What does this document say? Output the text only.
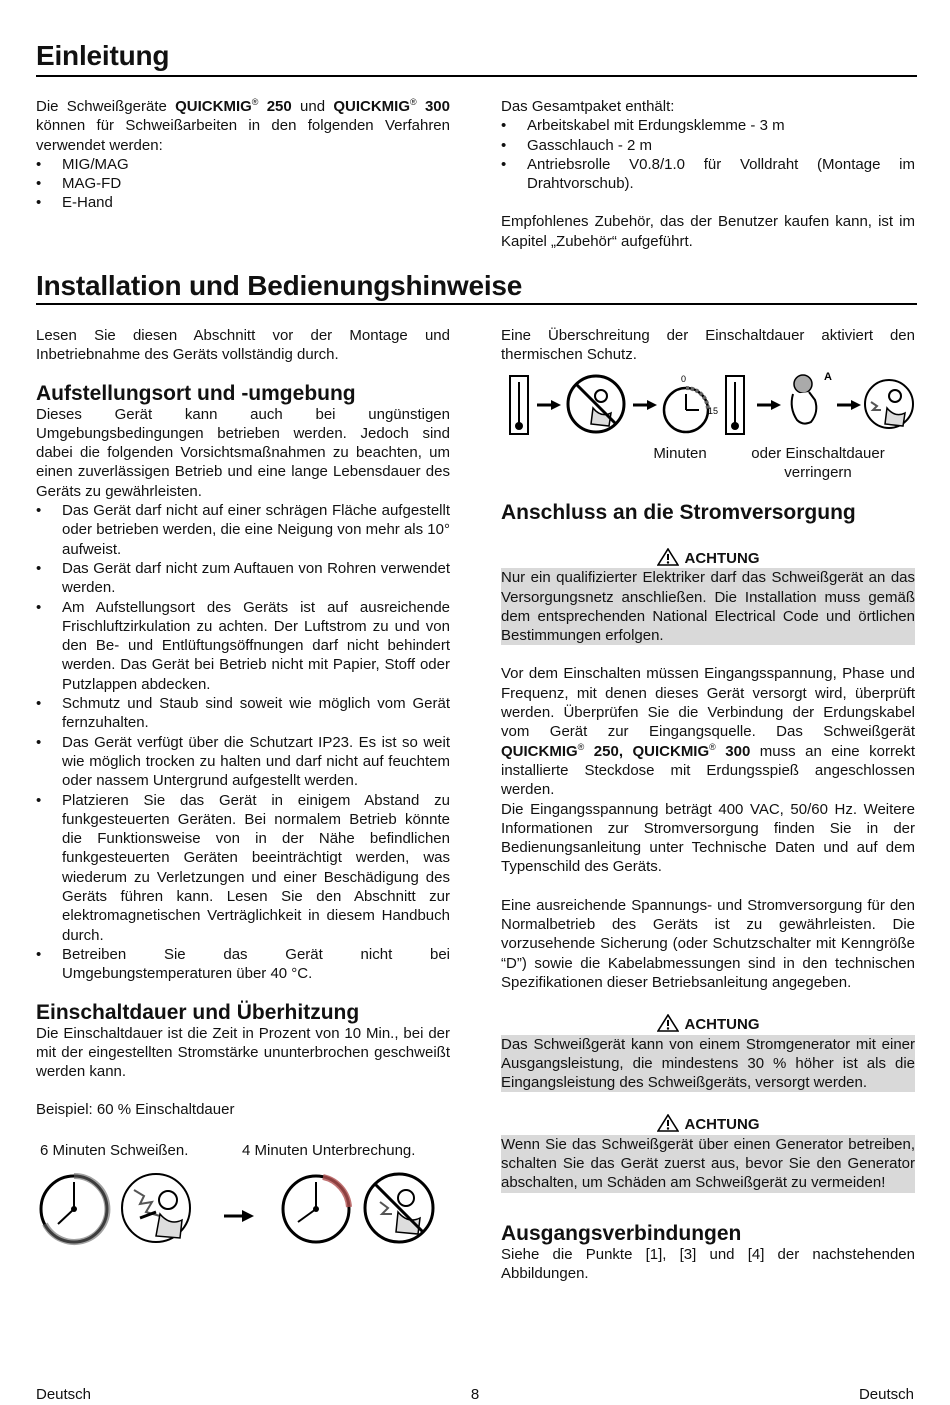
Einleitung

Die Schweißgeräte QUICKMIG® 250 und QUICKMIG® 300 können für Schweißarbeiten in den folgenden Verfahren verwendet werden:

• MIG/MAG
• MAG-FD
• E-Hand

Das Gesamtpaket enthält:

• Arbeitskabel mit Erdungsklemme - 3 m
• Gasschlauch - 2 m
• Antriebsrolle V0.8/1.0 für Volldraht (Montage im Drahtvorschub).

Empfohlenes Zubehör, das der Benutzer kaufen kann, ist im Kapitel „Zubehör“ aufgeführt.

Installation und Bedienungshinweise

Lesen Sie diesen Abschnitt vor der Montage und Inbetriebnahme des Geräts vollständig durch.

Aufstellungsort und -umgebung

Dieses Gerät kann auch bei ungünstigen Umgebungsbedingungen betrieben werden. Jedoch sind dabei die folgenden Vorsichtsmaßnahmen zu beachten, um einen zuverlässigen Betrieb und eine lange Lebensdauer des Geräts zu gewährleisten.

• Das Gerät darf nicht auf einer schrägen Fläche aufgestellt oder betrieben werden, die eine Neigung von mehr als 10° aufweist.
• Das Gerät darf nicht zum Auftauen von Rohren verwendet werden.
• Am Aufstellungsort des Geräts ist auf ausreichende Frischluftzirkulation zu achten. Der Luftstrom zu und von den Be- und Entlüftungsöffnungen darf nicht behindert werden. Das Gerät bei Betrieb nicht mit Papier, Stoff oder Putzlappen abdecken.
• Schmutz und Staub sind soweit wie möglich vom Gerät fernzuhalten.
• Das Gerät verfügt über die Schutzart IP23. Es ist so weit wie möglich trocken zu halten und darf nicht auf feuchtem oder nassem Untergrund aufgestellt werden.
• Platzieren Sie das Gerät in einigem Abstand zu funkgesteuerten Geräten. Bei normalem Betrieb könnte die Funktionsweise von in der Nähe befindlichen funkgesteuerten Geräten beeinträchtigt werden, was wiederum zu Verletzungen und einer Beschädigung des Geräts führen kann. Lesen Sie den Abschnitt zur elektromagnetischen Verträglichkeit in diesem Handbuch durch.
• Betreiben Sie das Gerät nicht bei Umgebungstemperaturen über 40 °C.
Einschaltdauer und Überhitzung

Die Einschaltdauer ist die Zeit in Prozent von 10 Min., bei der mit der eingestellten Stromstärke ununterbrochen geschweißt werden kann.

Beispiel: 60 % Einschaltdauer

6 Minuten Schweißen.	4 Minuten Unterbrechung.

Eine Überschreitung der Einschaltdauer aktiviert den thermischen Schutz.

0
15
A
Minuten	oder Einschaltdauer verringern
Anschluss an die Stromversorgung
ACHTUNG

Nur ein qualifizierter Elektriker darf das Schweißgerät an das Versorgungsnetz anschließen. Die Installation muss gemäß dem entsprechenden National Electrical Code und örtlichen Bestimmungen erfolgen.

Vor dem Einschalten müssen Eingangsspannung, Phase und Frequenz, mit denen dieses Gerät versorgt wird, überprüft werden. Überprüfen Sie die Verbindung der Erdungskabel vom Gerät zur Eingangsquelle. Das Schweißgerät QUICKMIG® 250, QUICKMIG® 300 muss an eine korrekt installierte Steckdose mit Erdungsspieß angeschlossen werden.

Die Eingangsspannung beträgt 400 VAC, 50/60 Hz. Weitere Informationen zur Stromversorgung finden Sie in der Bedienungsanleitung unter Technische Daten und auf dem Typenschild des Geräts.

Eine ausreichende Spannungs- und Stromversorgung für den Normalbetrieb des Geräts ist zu gewährleisten. Die vorzusehende Sicherung (oder Schutzschalter mit Kenngröße “D”) sowie die Kabelabmessungen sind in den technischen Spezifikationen dieser Betriebsanleitung angegeben.

ACHTUNG

Das Schweißgerät kann von einem Stromgenerator mit einer Ausgangsleistung, die mindestens 30 % höher ist als die Eingangsleistung des Schweißgeräts, versorgt werden.

ACHTUNG

Wenn Sie das Schweißgerät über einen Generator betreiben, schalten Sie das Gerät zuerst aus, bevor Sie den Generator abschalten, um Schäden am Schweißgerät zu vermeiden!

Ausgangsverbindungen

Siehe die Punkte [1], [3] und [4] der nachstehenden Abbildungen.

Deutsch	8	Deutsch
